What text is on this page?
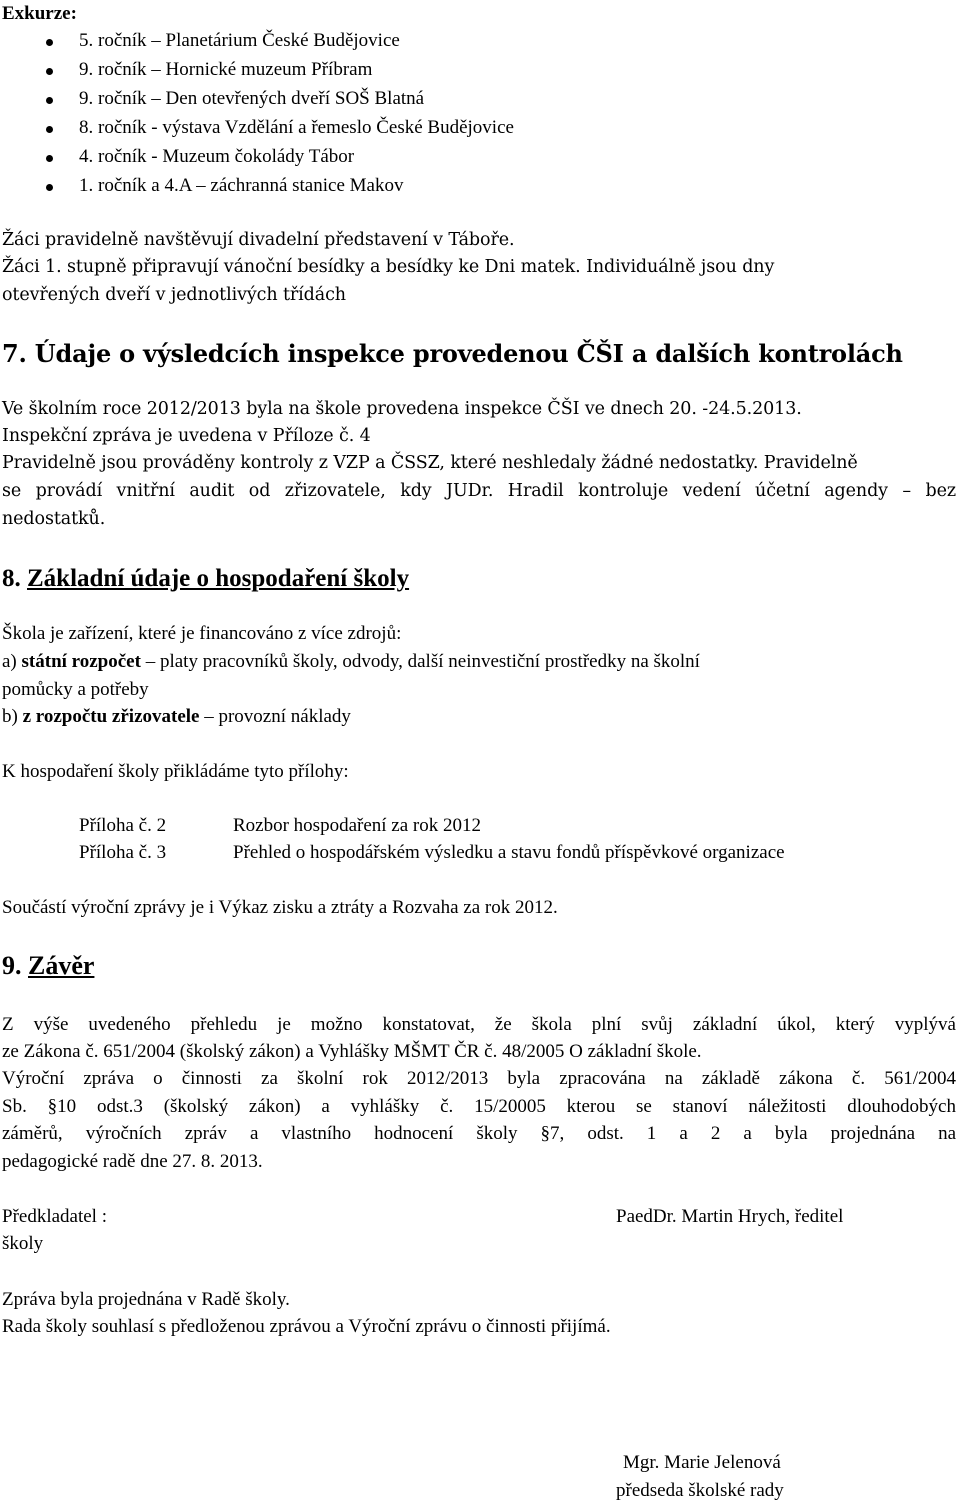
Exkurze:
5. ročník – Planetárium České Budějovice
9. ročník – Hornické muzeum Příbram
9. ročník – Den otevřených dveří SOŠ Blatná
8. ročník - výstava Vzdělání a řemeslo České Budějovice
4. ročník - Muzeum čokolády Tábor
1. ročník a 4.A – záchranná stanice Makov
Žáci pravidelně navštěvují divadelní představení v Táboře.
Žáci 1. stupně připravují vánoční besídky a besídky ke Dni matek. Individuálně jsou dny
otevřených dveří v jednotlivých třídách
7. Údaje o výsledcích inspekce provedenou ČŠI a dalších kontrolách
Ve školním roce 2012/2013 byla na škole provedena inspekce ČŠI ve dnech 20. -24.5.2013.
Inspekční zpráva je uvedena v Příloze č. 4
Pravidelně jsou prováděny kontroly z VZP a ČSSZ, které neshledaly žádné nedostatky. Pravidelně
se provádí vnitřní audit od zřizovatele, kdy JUDr. Hradil kontroluje vedení účetní agendy – bez
nedostatků.
8. Základní údaje o hospodaření školy
Škola je zařízení, které je financováno z více zdrojů:
a) státní rozpočet – platy pracovníků školy, odvody, další neinvestiční prostředky na školní
pomůcky a potřeby
b) z rozpočtu zřizovatele – provozní náklady
K hospodaření školy přikládáme tyto přílohy:
Příloha č. 2	Rozbor hospodaření za rok 2012
Příloha č. 3	Přehled o hospodářském výsledku a stavu fondů příspěvkové organizace
Součástí výroční zprávy je i Výkaz zisku a ztráty a Rozvaha za rok 2012.
9. Závěr
Z výše uvedeného přehledu je možno konstatovat, že škola plní svůj základní úkol, který vyplývá
ze Zákona č. 651/2004 (školský zákon) a Vyhlášky MŠMT ČR č. 48/2005 O základní škole.
Výroční zpráva o činnosti za školní rok 2012/2013 byla zpracována na základě zákona č. 561/2004
Sb. §10 odst.3 (školský zákon) a vyhlášky č. 15/20005 kterou se stanoví náležitosti dlouhodobých
záměrů, výročních zpráv a vlastního hodnocení školy §7, odst. 1 a 2 a byla projednána na
pedagogické radě dne 27. 8. 2013.
Předkladatel :
školy
PaedDr. Martin Hrych, ředitel
Zpráva byla projednána v Radě školy.
Rada školy souhlasí s předloženou zprávou a Výroční zprávu o činnosti přijímá.
Mgr. Marie Jelenová
předseda školské rady
